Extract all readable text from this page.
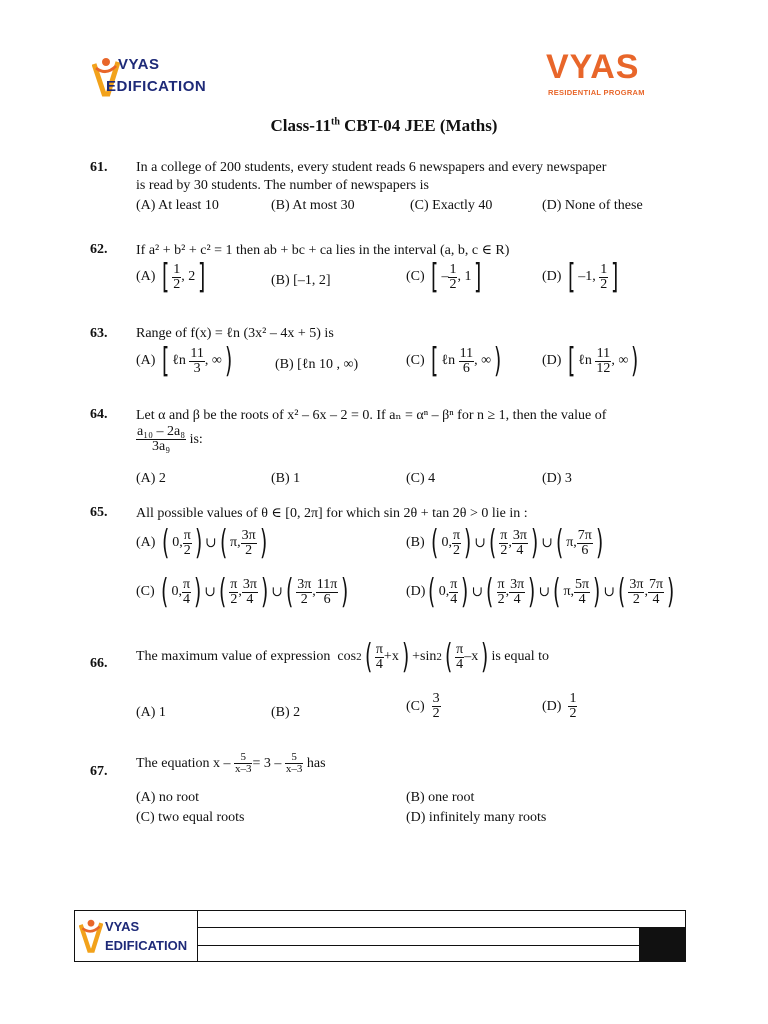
VYAS
EDIFICATION
VYAS
RESIDENTIAL PROGRAM
Class-11th CBT-04 JEE (Maths)
61. In a college of 200 students, every student reads 6 newspapers and every newspaper
is read by 30 students. The number of newspapers is
(A) At least 10	(B) At most 30	(C) Exactly 40	(D) None of these
62. If a² + b² + c² = 1 then ab + bc + ca lies in the interval (a, b, c ∈ R)
(A)
[ $\frac{1}{2}$ , 2 ]	(B) [–1, 2]	(C)
[ – $\frac{1}{2}$ , 1 ]	(D)
[ –1,
$\frac{1}{2}$ ]
63. Range of f(x) = ℓn (3x² – 4x + 5) is
(A)
[ ℓn
$\frac{11}{3}$ , ∞ )	(B) [ℓn 10 , ∞)	(C)
[ ℓn
$\frac{11}{6}$ , ∞ )	(D)
[ ℓn
$\frac{11}{12}$ , ∞ )
64. Let α and β be the roots of x² – 6x – 2 = 0. If aₙ = αⁿ – βⁿ for n ≥ 1, then the value of
$\frac{\text{a₁₀ – 2a₈}}{\text{3a₉}}$
is:
(A) 2	(B) 1	(C) 4	(D) 3
65. All possible values of θ ∈ [0, 2π] for which sin 2θ + tan 2θ > 0 lie in :
(A)
( 0, $\frac{\pi}{2}$ ) ∪ ( π, $\frac{3\pi}{2}$ )	(B)
( 0, $\frac{\pi}{2}$ ) ∪ ( $\frac{\pi}{2}$ , $\frac{3\pi}{4}$ ) ∪ ( π, $\frac{7\pi}{6}$ )
(C)
( 0, $\frac{\pi}{4}$ ) ∪ ( $\frac{\pi}{2}$ , $\frac{3\pi}{4}$ ) ∪ ( $\frac{3\pi}{2}$ , $\frac{11\pi}{6}$ )	(D) ( 0, $\frac{\pi}{4}$ ) ∪ ( $\frac{\pi}{2}$ , $\frac{3\pi}{4}$ ) ∪ ( π, $\frac{5\pi}{4}$ ) ∪ ( $\frac{3\pi}{2}$ , $\frac{7\pi}{4}$ )
66. The maximum value of expression
cos 2 ( $\frac{\pi}{4} +x$ ) + sin 2 ( $\frac{\pi}{4} -x$ ) is equal to
(A) 1	(B) 2	(C)
$\frac{3}{2}$	(D)
$\frac{1}{2}$
67.
The equation x –
$\frac{5}{x-3} = 3$ –
$\frac{5}{x-3}$
has
(A) no root	(B) one root
(C) two equal roots	(D) infinitely many roots
VYAS
EDIFICATION
